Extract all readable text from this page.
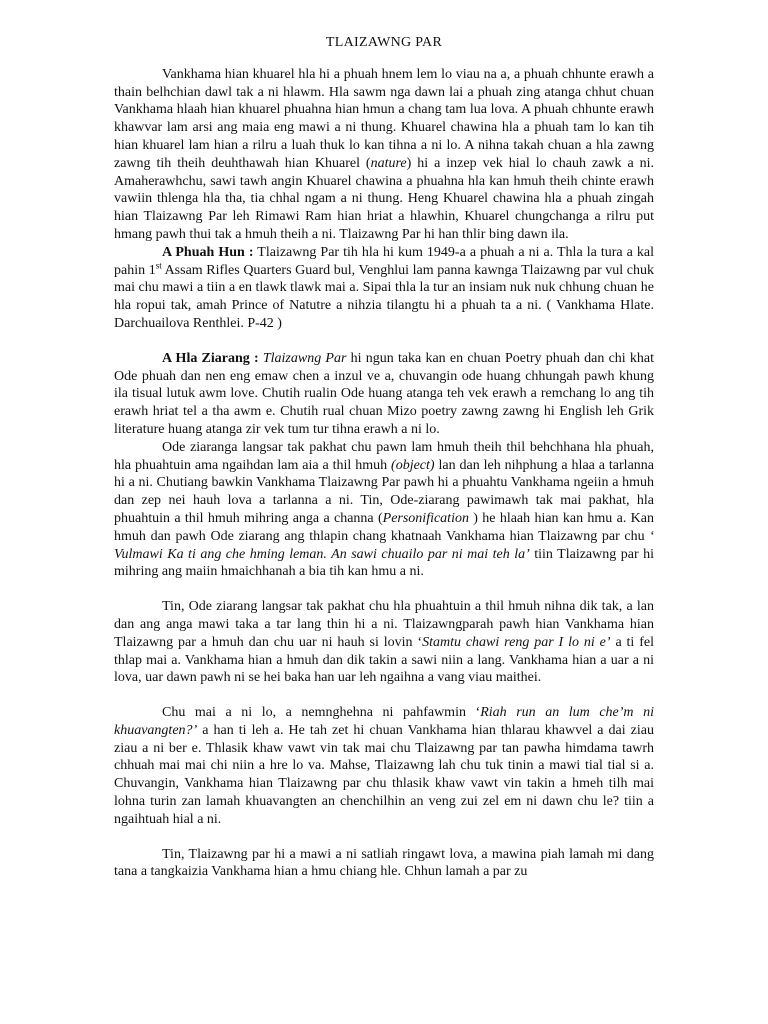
TLAIZAWNG PAR

Vankhama hian khuarel hla hi a phuah hnem lem lo viau na a, a phuah chhunte erawh a thain belhchian dawl tak a ni hlawm. Hla sawm nga dawn lai a phuah zing atanga chhut chuan Vankhama hlaah hian khuarel phuahna hian hmun a chang tam lua lova. A phuah chhunte erawh khawvar lam arsi ang maia eng mawi a ni thung. Khuarel chawina hla a phuah tam lo kan tih hian khuarel lam hian a rilru a luah thuk lo kan tihna a ni lo. A nihna takah chuan a hla zawng zawng tih theih deuhthawah hian Khuarel (nature) hi a inzep vek hial lo chauh zawk a ni. Amaherawhchu, sawi tawh angin Khuarel chawina a phuahna hla kan hmuh theih chinte erawh vawiin thlenga hla tha, tia chhal ngam a ni thung. Heng Khuarel chawina hla a phuah zingah hian Tlaizawng Par leh Rimawi Ram hian hriat a hlawhin, Khuarel chungchanga a rilru put hmang pawh thui tak a hmuh theih a ni. Tlaizawng Par hi han thlir bing dawn ila.

A Phuah Hun : Tlaizawng Par tih hla hi kum 1949-a a phuah a ni a. Thla la tura a kal pahin 1st Assam Rifles Quarters Guard bul, Venghlui lam panna kawnga Tlaizawng par vul chuk mai chu mawi a tiin a en tlawk tlawk mai a. Sipai thla la tur an insiam nuk nuk chhung chuan he hla ropui tak, amah Prince of Natutre a nihzia tilangtu hi a phuah ta a ni. ( Vankhama Hlate. Darchuailova Renthlei. P-42 )

A Hla Ziarang : Tlaizawng Par hi ngun taka kan en chuan Poetry phuah dan chi khat Ode phuah dan nen eng emaw chen a inzul ve a, chuvangin ode huang chhungah pawh khung ila tisual lutuk awm love. Chutih rualin Ode huang atanga teh vek erawh a remchang lo ang tih erawh hriat tel a tha awm e. Chutih rual chuan Mizo poetry zawng zawng hi English leh Grik literature huang atanga zir vek tum tur tihna erawh a ni lo.

Ode ziaranga langsar tak pakhat chu pawn lam hmuh theih thil behchhana hla phuah, hla phuahtuin ama ngaihdan lam aia a thil hmuh (object) lan dan leh nihphung a hlaa a tarlanna hi a ni. Chutiang bawkin Vankhama Tlaizawng Par pawh hi a phuahtu Vankhama ngeiin a hmuh dan zep nei hauh lova a tarlanna a ni. Tin, Ode-ziarang pawimawh tak mai pakhat, hla phuahtuin a thil hmuh mihring anga a channa (Personification ) he hlaah hian kan hmu a. Kan hmuh dan pawh Ode ziarang ang thlapin chang khatnaah Vankhama hian Tlaizawng par chu ‘ Vulmawi Ka ti ang che hming leman. An sawi chuailo par ni mai teh la’ tiin Tlaizawng par hi mihring ang maiin hmaichhanah a bia tih kan hmu a ni.

Tin, Ode ziarang langsar tak pakhat chu hla phuahtuin a thil hmuh nihna dik tak, a lan dan ang anga mawi taka a tar lang thin hi a ni. Tlaizawngparah pawh hian Vankhama hian Tlaizawng par a hmuh dan chu uar ni hauh si lovin ‘Stamtu chawi reng par I lo ni e’ a ti fel thlap mai a. Vankhama hian a hmuh dan dik takin a sawi niin a lang. Vankhama hian a uar a ni lova, uar dawn pawh ni se hei baka han uar leh ngaihna a vang viau maithei.

Chu mai a ni lo, a nemnghehna ni pahfawmin ‘Riah run an lum che’m ni khuavangten?’ a han ti leh a. He tah zet hi chuan Vankhama hian thlarau khawvel a dai ziau ziau a ni ber e. Thlasik khaw vawt vin tak mai chu Tlaizawng par tan pawha himdama tawrh chhuah mai mai chi niin a hre lo va. Mahse, Tlaizawng lah chu tuk tinin a mawi tial tial si a. Chuvangin, Vankhama hian Tlaizawng par chu thlasik khaw vawt vin takin a hmeh tilh mai lohna turin zan lamah khuavangten an chenchilhin an veng zui zel em ni dawn chu le? tiin a ngaihtuah hial a ni.

Tin, Tlaizawng par hi a mawi a ni satliah ringawt lova, a mawina piah lamah mi dang tana a tangkaizia Vankhama hian a hmu chiang hle. Chhun lamah a par zu
